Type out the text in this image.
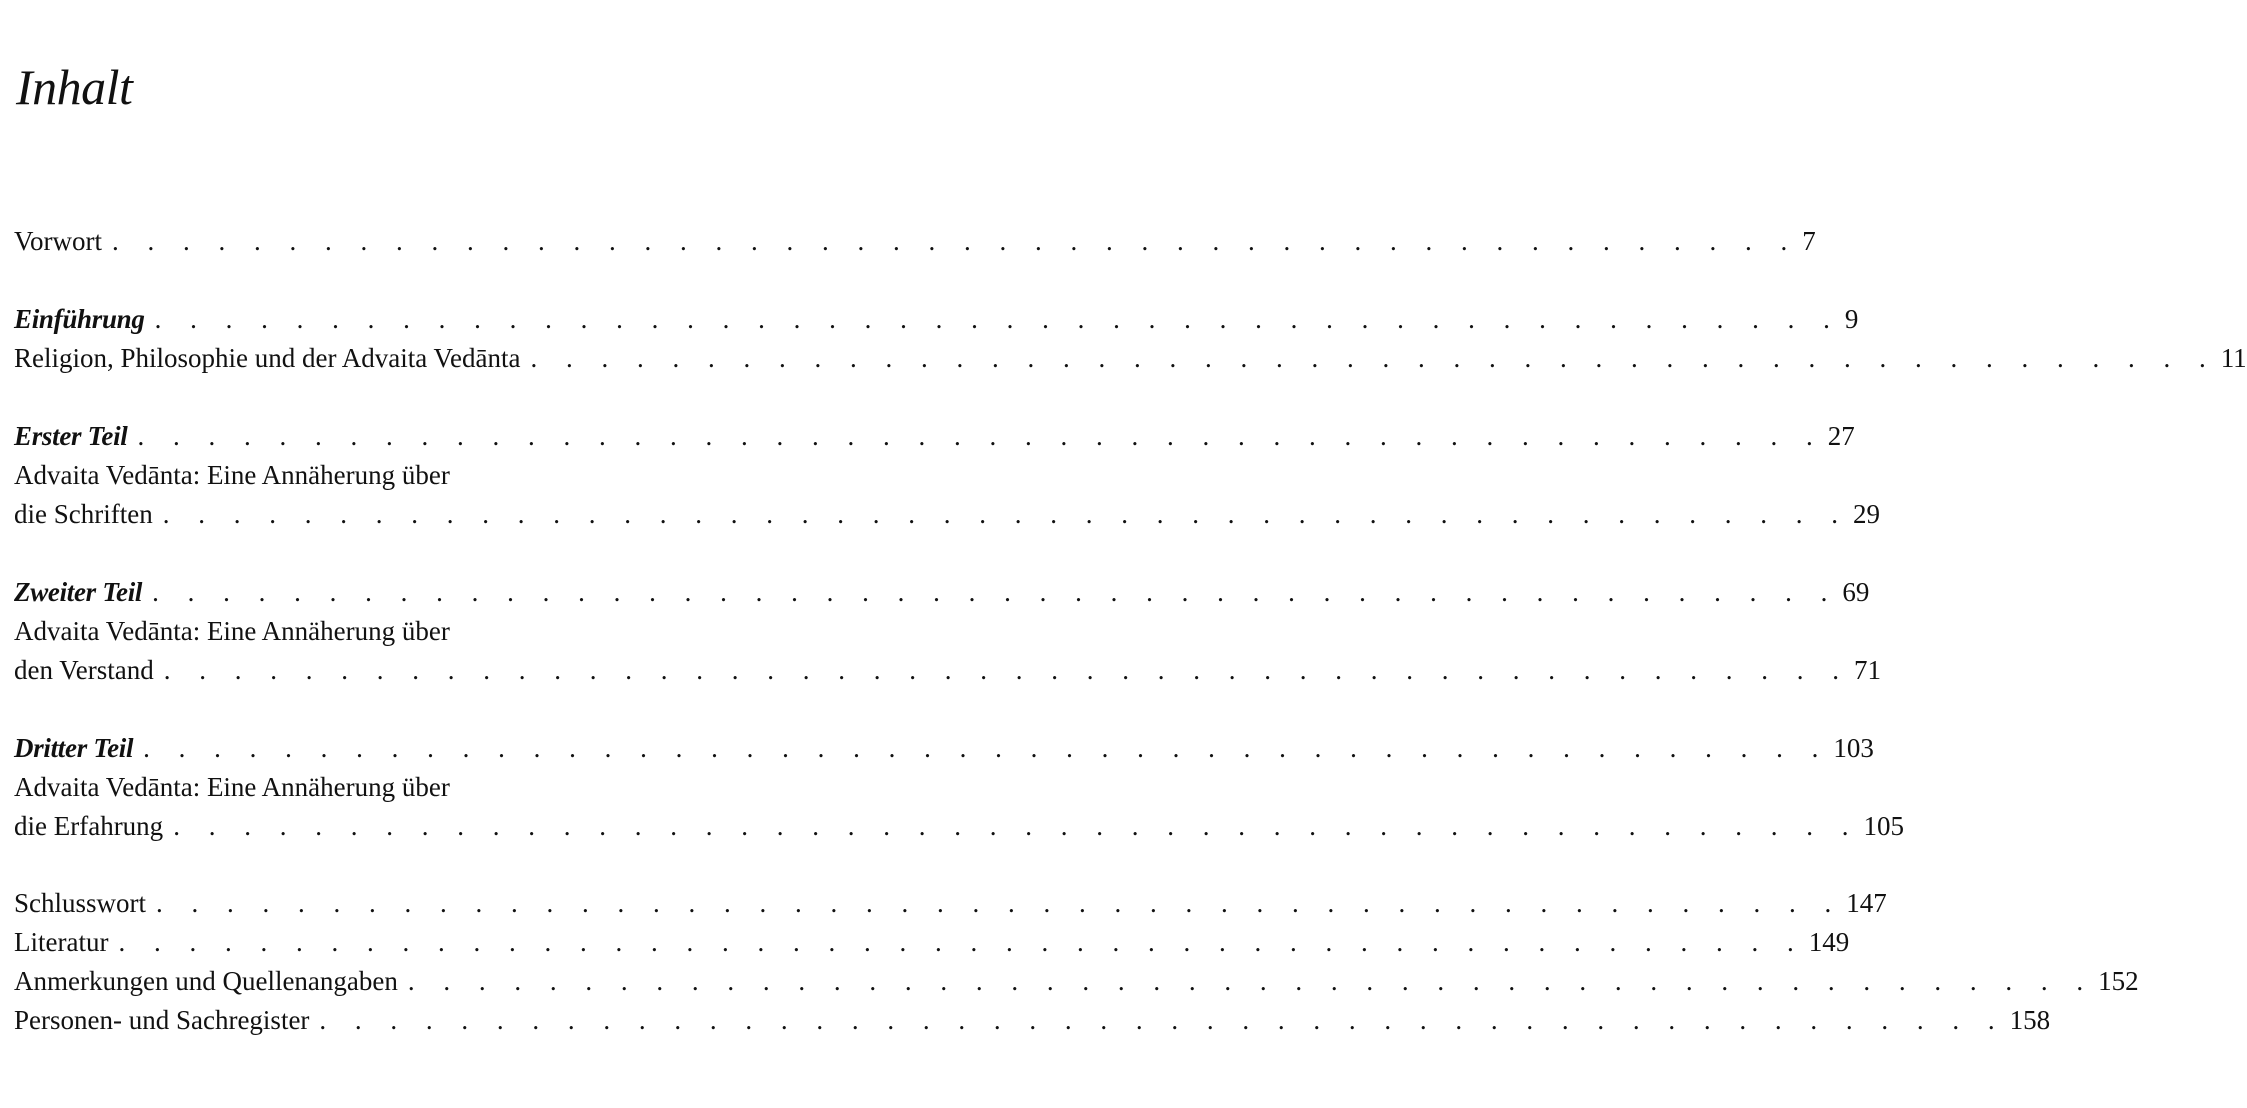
Inhalt
Vorwort . . . . . . . . . . . . . . . . . . . . . . . . . . . . . . . . . . . . . . . . . . . . . . . . 7
Einführung . . . . . . . . . . . . . . . . . . . . . . . . . . . . . . . . . . . . . . . . . . . . . . . . 9
Religion, Philosophie und der Advaita Vedānta . . . . . . . . . . . . . . . . . . . . . . . . . . . . . . . . . . . . . . . . . . . . . . . . 11
Erster Teil . . . . . . . . . . . . . . . . . . . . . . . . . . . . . . . . . . . . . . . . . . . . . . . . 27
Advaita Vedānta: Eine Annäherung über
die Schriften . . . . . . . . . . . . . . . . . . . . . . . . . . . . . . . . . . . . . . . . . . . . . . . . 29
Zweiter Teil . . . . . . . . . . . . . . . . . . . . . . . . . . . . . . . . . . . . . . . . . . . . . . . . 69
Advaita Vedānta: Eine Annäherung über
den Verstand . . . . . . . . . . . . . . . . . . . . . . . . . . . . . . . . . . . . . . . . . . . . . . . . 71
Dritter Teil . . . . . . . . . . . . . . . . . . . . . . . . . . . . . . . . . . . . . . . . . . . . . . . . 103
Advaita Vedānta: Eine Annäherung über
die Erfahrung . . . . . . . . . . . . . . . . . . . . . . . . . . . . . . . . . . . . . . . . . . . . . . . . 105
Schlusswort . . . . . . . . . . . . . . . . . . . . . . . . . . . . . . . . . . . . . . . . . . . . . . . . 147
Literatur . . . . . . . . . . . . . . . . . . . . . . . . . . . . . . . . . . . . . . . . . . . . . . . . 149
Anmerkungen und Quellenangaben . . . . . . . . . . . . . . . . . . . . . . . . . . . . . . . . . . . . . . . . . . . . . . . . 152
Personen- und Sachregister . . . . . . . . . . . . . . . . . . . . . . . . . . . . . . . . . . . . . . . . . . . . . . . . 158
